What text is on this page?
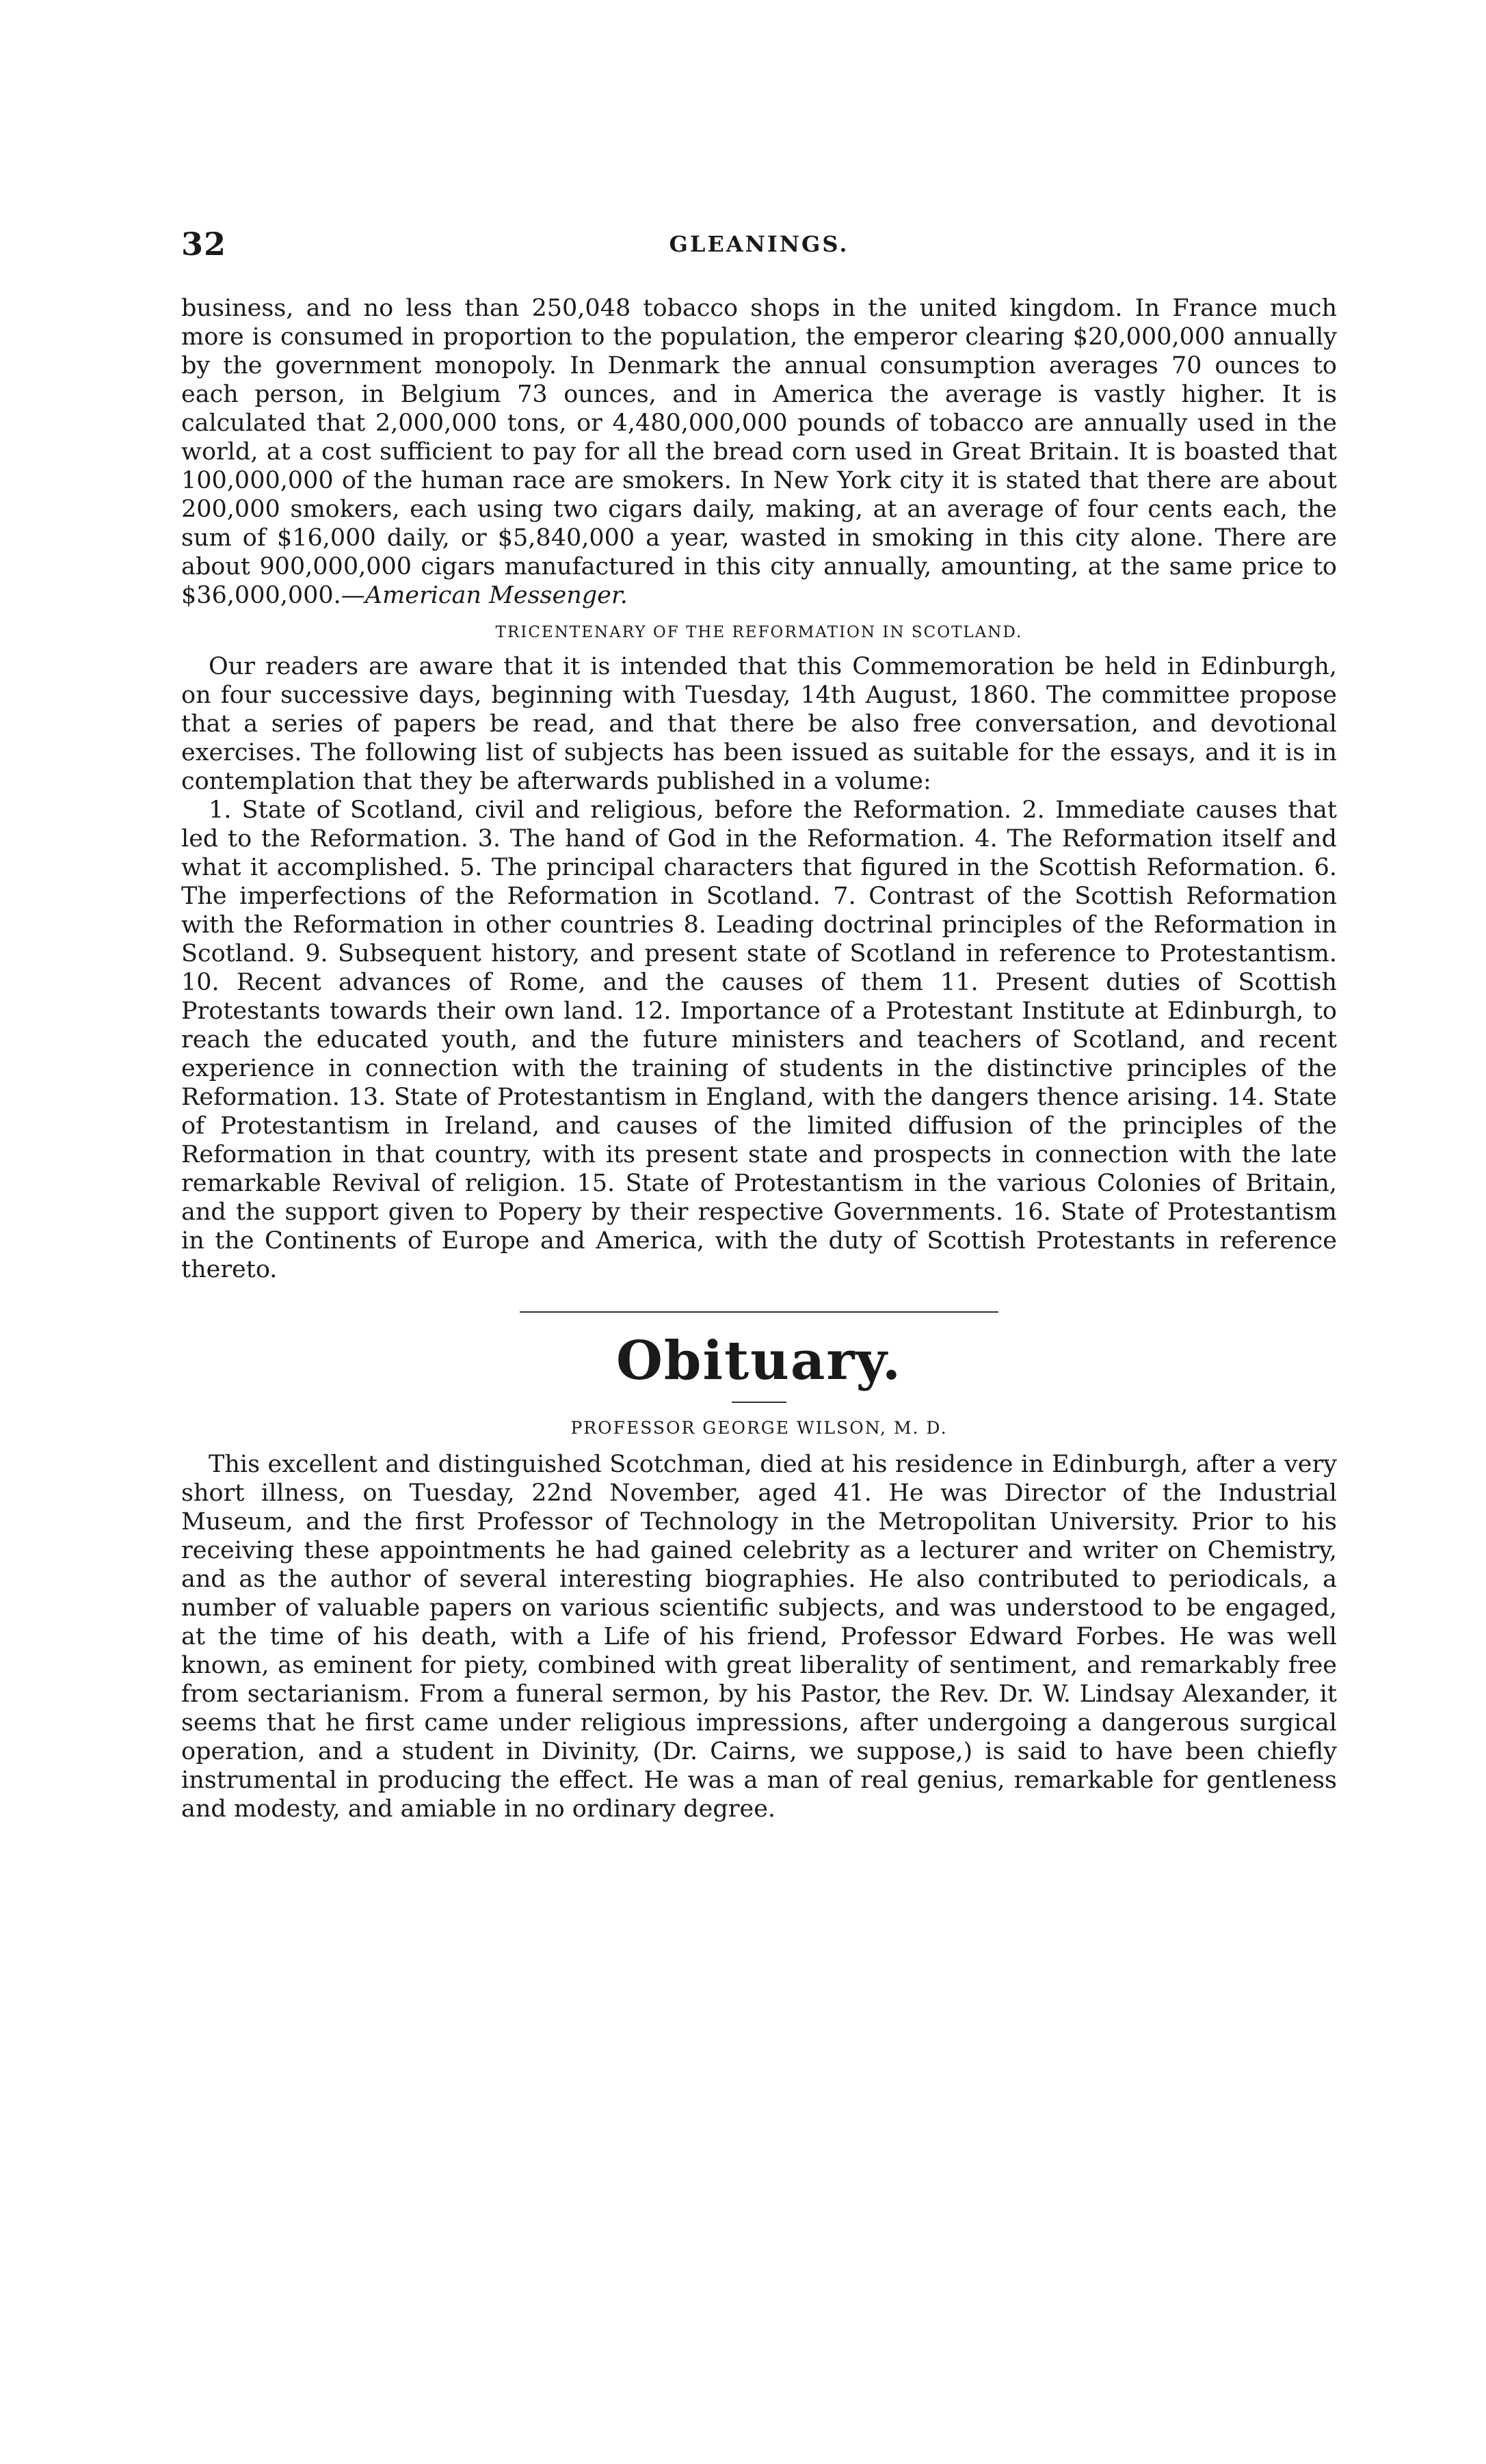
32	GLEANINGS.

business, and no less than 250,048 tobacco shops in the united kingdom. In France much more is consumed in proportion to the population, the emperor clearing $20,000,000 annually by the government monopoly. In Denmark the annual consumption averages 70 ounces to each person, in Belgium 73 ounces, and in America the average is vastly higher. It is calculated that 2,000,000 tons, or 4,480,000,000 pounds of tobacco are annually used in the world, at a cost sufficient to pay for all the bread corn used in Great Britain. It is boasted that 100,000,000 of the human race are smokers. In New York city it is stated that there are about 200,000 smokers, each using two cigars daily, making, at an average of four cents each, the sum of $16,000 daily, or $5,840,000 a year, wasted in smoking in this city alone. There are about 900,000,000 cigars manufactured in this city annually, amounting, at the same price to $36,000,000.—American Messenger.

TRICENTENARY OF THE REFORMATION IN SCOTLAND.

Our readers are aware that it is intended that this Commemoration be held in Edinburgh, on four successive days, beginning with Tuesday, 14th August, 1860. The committee propose that a series of papers be read, and that there be also free conversation, and devotional exercises. The following list of subjects has been issued as suitable for the essays, and it is in contemplation that they be afterwards published in a volume:

1. State of Scotland, civil and religious, before the Reformation. 2. Immediate causes that led to the Reformation. 3. The hand of God in the Reformation. 4. The Reformation itself and what it accomplished. 5. The principal characters that figured in the Scottish Reformation. 6. The imperfections of the Reformation in Scotland. 7. Contrast of the Scottish Reformation with the Reformation in other countries 8. Leading doctrinal principles of the Reformation in Scotland. 9. Subsequent history, and present state of Scotland in reference to Protestantism. 10. Recent advances of Rome, and the causes of them 11. Present duties of Scottish Protestants towards their own land. 12. Importance of a Protestant Institute at Edinburgh, to reach the educated youth, and the future ministers and teachers of Scotland, and recent experience in connection with the training of students in the distinctive principles of the Reformation. 13. State of Protestantism in England, with the dangers thence arising. 14. State of Protestantism in Ireland, and causes of the limited diffusion of the principles of the Reformation in that country, with its present state and prospects in connection with the late remarkable Revival of religion. 15. State of Protestantism in the various Colonies of Britain, and the support given to Popery by their respective Governments. 16. State of Protestantism in the Continents of Europe and America, with the duty of Scottish Protestants in reference thereto.

Obituary.
PROFESSOR GEORGE WILSON, M. D.

This excellent and distinguished Scotchman, died at his residence in Edinburgh, after a very short illness, on Tuesday, 22nd November, aged 41. He was Director of the Industrial Museum, and the first Professor of Technology in the Metropolitan University. Prior to his receiving these appointments he had gained celebrity as a lecturer and writer on Chemistry, and as the author of several interesting biographies. He also contributed to periodicals, a number of valuable papers on various scientific subjects, and was understood to be engaged, at the time of his death, with a Life of his friend, Professor Edward Forbes. He was well known, as eminent for piety, combined with great liberality of sentiment, and remarkably free from sectarianism. From a funeral sermon, by his Pastor, the Rev. Dr. W. Lindsay Alexander, it seems that he first came under religious impressions, after undergoing a dangerous surgical operation, and a student in Divinity, (Dr. Cairns, we suppose,) is said to have been chiefly instrumental in producing the effect. He was a man of real genius, remarkable for gentleness and modesty, and amiable in no ordinary degree.
